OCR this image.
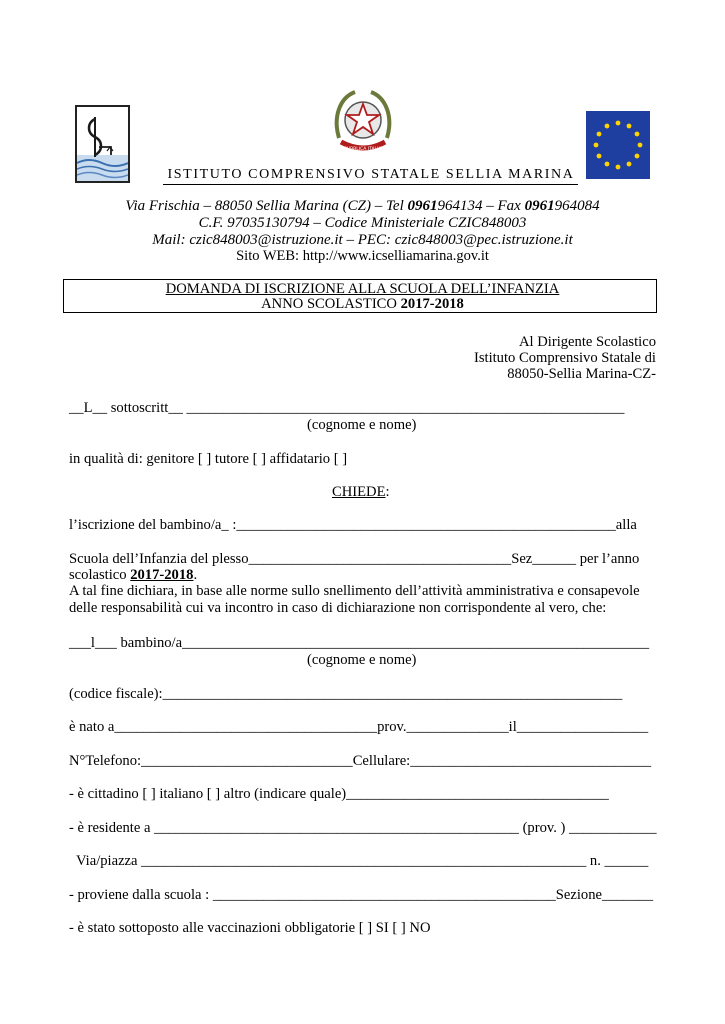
REPUBBLICA ITALIANA
ISTITUTO COMPRENSIVO STATALE SELLIA MARINA
Via Frischia – 88050 Sellia Marina (CZ) – Tel 0961964134 – Fax 0961964084
C.F. 97035130794 – Codice Ministeriale CZIC848003
Mail: czic848003@istruzione.it – PEC: czic848003@pec.istruzione.it
Sito WEB: http://www.icselliamarina.gov.it
DOMANDA DI ISCRIZIONE ALLA SCUOLA DELL’INFANZIA
ANNO SCOLASTICO 2017-2018
Al Dirigente Scolastico
Istituto Comprensivo Statale di
88050-Sellia Marina-CZ-
__L__ sottoscritt__ ____________________________________________________________
(cognome e nome)
in qualità di: genitore [ ] tutore [ ] affidatario [ ]
CHIEDE:
l’iscrizione del bambino/a_ :____________________________________________________alla
Scuola dell’Infanzia del plesso____________________________________Sez______ per l’anno
scolastico 2017-2018.
A tal fine dichiara, in base alle norme sullo snellimento dell’attività amministrativa e consapevole
delle responsabilità cui va incontro in caso di dichiarazione non corrispondente al vero, che:
___l___ bambino/a________________________________________________________________
(cognome e nome)
(codice fiscale):_______________________________________________________________
è nato a____________________________________prov.______________il__________________
N°Telefono:_____________________________Cellulare:_________________________________
- è cittadino [ ] italiano [ ] altro (indicare quale)____________________________________
- è residente a __________________________________________________ (prov. ) ____________
Via/piazza _____________________________________________________________ n. ______
- proviene dalla scuola : _______________________________________________Sezione_______
- è stato sottoposto alle vaccinazioni obbligatorie [ ] SI [ ] NO
